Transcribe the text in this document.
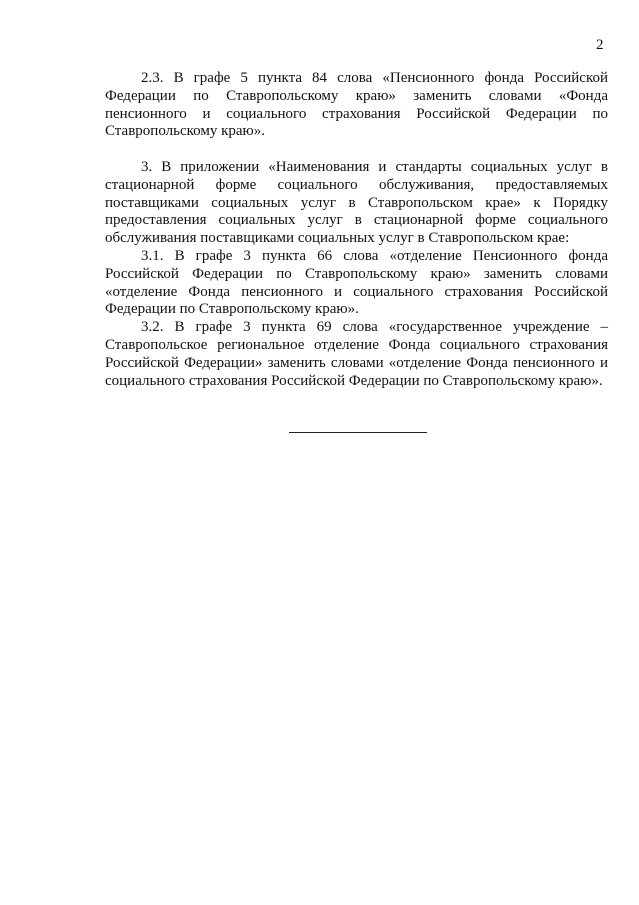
2

2.3. В графе 5 пункта 84 слова «Пенсионного фонда Российской Федерации по Ставропольскому краю» заменить словами «Фонда пенсионного и социального страхования Российской Федерации по Ставропольскому краю».

3. В приложении «Наименования и стандарты социальных услуг в стационарной форме социального обслуживания, предоставляемых поставщиками социальных услуг в Ставропольском крае» к Порядку предоставления социальных услуг в стационарной форме социального обслуживания поставщиками социальных услуг в Ставропольском крае:

3.1. В графе 3 пункта 66 слова «отделение Пенсионного фонда Российской Федерации по Ставропольскому краю» заменить словами «отделение Фонда пенсионного и социального страхования Российской Федерации по Ставропольскому краю».

3.2. В графе 3 пункта 69 слова «государственное учреждение – Ставропольское региональное отделение Фонда социального страхования Российской Федерации» заменить словами «отделение Фонда пенсионного и социального страхования Российской Федерации по Ставропольскому краю».
